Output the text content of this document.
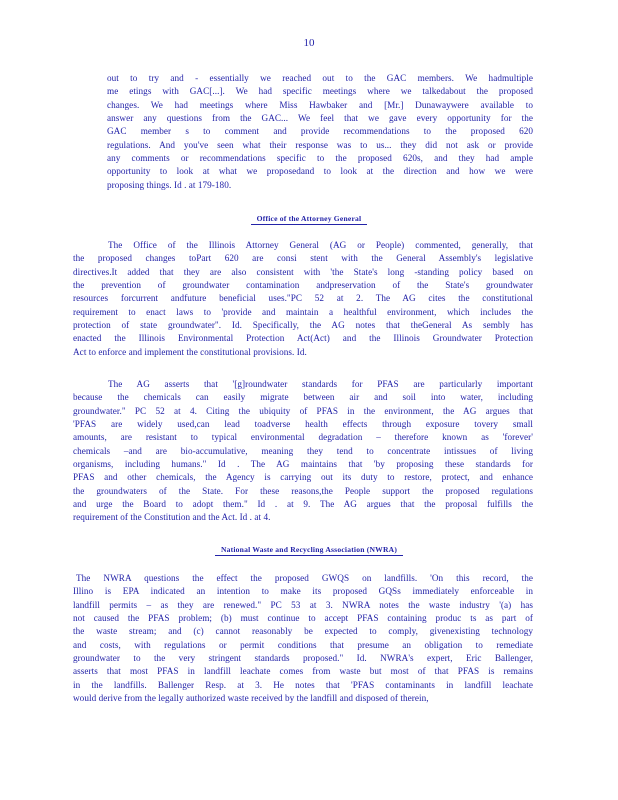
10
out to try and - essentially we reached out to the GAC members. We hadmultiple
me etings with GAC[...]. We had specific meetings where we talkedabout the proposed
changes. We had meetings where Miss Hawbaker and [Mr.] Dunawaywere available to
answer any questions from the GAC... We feel that we gave every opportunity for the
GAC member s to comment and provide recommendations to the proposed 620
regulations. And you've seen what their response was to us... they did not ask or provide
any comments or recommendations specific to the proposed 620s, and they had ample
opportunity to look at what we proposedand to look at the direction and how we were
proposing things. Id . at 179-180.
Office of the Attorney General
The Office of the Illinois Attorney General (AG or People) commented, generally, that
the proposed changes toPart 620 are consi stent with the General Assembly's legislative
directives.It added that they are also consistent with 'the State's long -standing policy based on
the prevention of groundwater contamination andpreservation of the State's groundwater
resources forcurrent andfuture beneficial uses."PC 52 at 2. The AG cites the constitutional
requirement to enact laws to 'provide and maintain a healthful environment, which includes the
protection of state groundwater". Id. Specifically, the AG notes that theGeneral As sembly has
enacted the Illinois Environmental Protection Act(Act) and the Illinois Groundwater Protection
Act to enforce and implement the constitutional provisions. Id.
The AG asserts that '[g]roundwater standards for PFAS are particularly important
because the chemicals can easily migrate between air and soil into water, including
groundwater." PC 52 at 4. Citing the ubiquity of PFAS in the environment, the AG argues that
'PFAS are widely used,can lead toadverse health effects through exposure tovery small
amounts, are resistant to typical environmental degradation – therefore known as 'forever'
chemicals –and are bio-accumulative, meaning they tend to concentrate intissues of living
organisms, including humans." Id . The AG maintains that 'by proposing these standards for
PFAS and other chemicals, the Agency is carrying out its duty to restore, protect, and enhance
the groundwaters of the State. For these reasons,the People support the proposed regulations
and urge the Board to adopt them." Id . at 9. The AG argues that the proposal fulfills the
requirement of the Constitution and the Act. Id . at 4.
National Waste and Recycling Association (NWRA)
The NWRA questions the effect the proposed GWQS on landfills. 'On this record, the
Illino is EPA indicated an intention to make its proposed GQSs immediately enforceable in
landfill permits – as they are renewed." PC 53 at 3. NWRA notes the waste industry '(a) has
not caused the PFAS problem; (b) must continue to accept PFAS containing produc ts as part of
the waste stream; and (c) cannot reasonably be expected to comply, givenexisting technology
and costs, with regulations or permit conditions that presume an obligation to remediate
groundwater to the very stringent standards proposed." Id. NWRA's expert, Eric Ballenger,
asserts that most PFAS in landfill leachate comes from waste but most of that PFAS is remains
in the landfills. Ballenger Resp. at 3. He notes that 'PFAS contaminants in landfill leachate
would derive from the legally authorized waste received by the landfill and disposed of therein,
